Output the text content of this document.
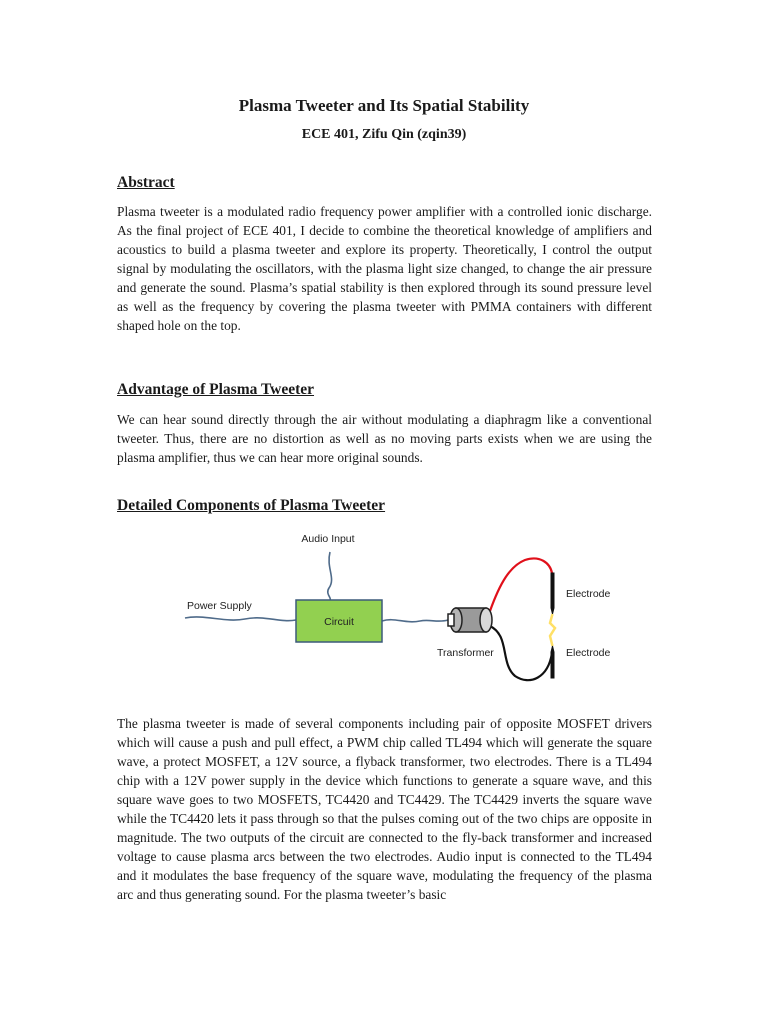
Plasma Tweeter and Its Spatial Stability

ECE 401, Zifu Qin (zqin39)

Abstract

Plasma tweeter is a modulated radio frequency power amplifier with a controlled ionic discharge. As the final project of ECE 401, I decide to combine the theoretical knowledge of amplifiers and acoustics to build a plasma tweeter and explore its property. Theoretically, I control the output signal by modulating the oscillators, with the plasma light size changed, to change the air pressure and generate the sound. Plasma’s spatial stability is then explored through its sound pressure level as well as the frequency by covering the plasma tweeter with PMMA containers with different shaped hole on the top.

Advantage of Plasma Tweeter

We can hear sound directly through the air without modulating a diaphragm like a conventional tweeter. Thus, there are no distortion as well as no moving parts exists when we are using the plasma amplifier, thus we can hear more original sounds.

Detailed Components of Plasma Tweeter
Circuit
Audio Input
Power Supply
Transformer
Electrode
Electrode

The plasma tweeter is made of several components including pair of opposite MOSFET drivers which will cause a push and pull effect, a PWM chip called TL494 which will generate the square wave, a protect MOSFET, a 12V source, a flyback transformer, two electrodes. There is a TL494 chip with a 12V power supply in the device which functions to generate a square wave, and this square wave goes to two MOSFETS, TC4420 and TC4429. The TC4429 inverts the square wave while the TC4420 lets it pass through so that the pulses coming out of the two chips are opposite in magnitude. The two outputs of the circuit are connected to the fly-back transformer and increased voltage to cause plasma arcs between the two electrodes. Audio input is connected to the TL494 and it modulates the base frequency of the square wave, modulating the frequency of the plasma arc and thus generating sound. For the plasma tweeter’s basic
